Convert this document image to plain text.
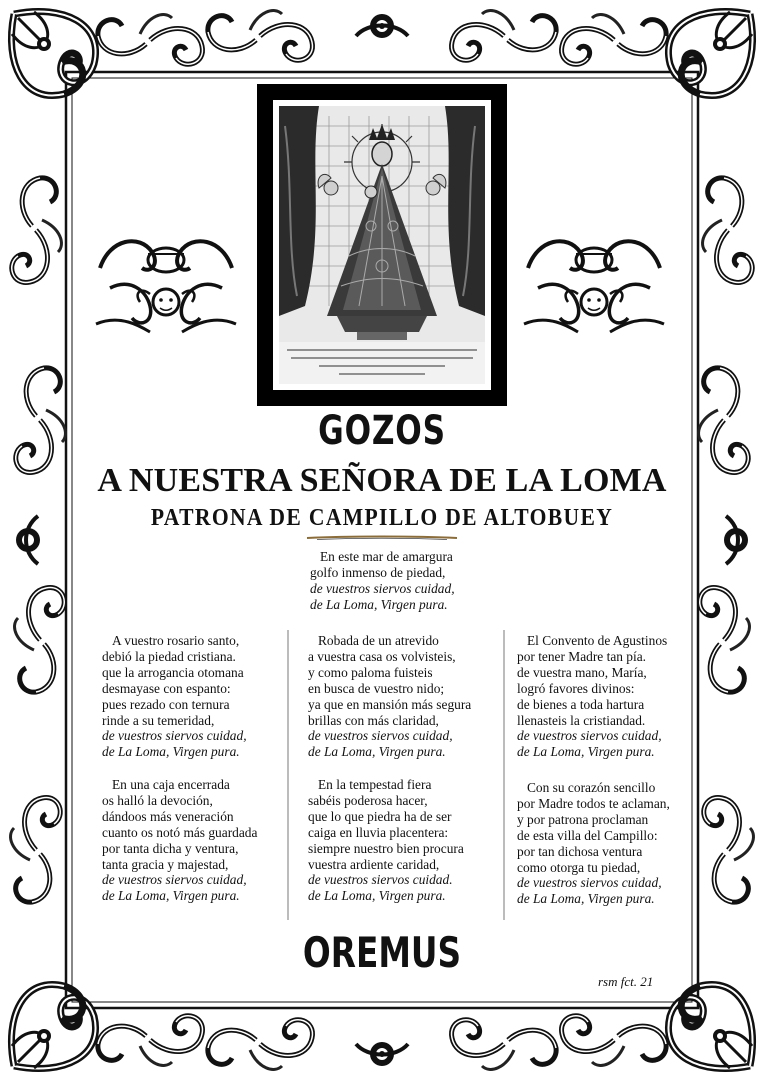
GOZOS
A NUESTRA SEÑORA DE LA LOMA
PATRONA DE CAMPILLO DE ALTOBUEY
En este mar de amargura
golfo inmenso de piedad,
de vuestros siervos cuidad,
de La Loma, Virgen pura.
A vuestro rosario santo,
debió la piedad cristiana.
que la arrogancia otomana
desmayase con espanto:
pues rezado con ternura
rinde a su temeridad,
de vuestros siervos cuidad,
de La Loma, Virgen pura.
Robada de un atrevido
a vuestra casa os volvisteis,
y como paloma fuisteis
en busca de vuestro nido;
ya que en mansión más segura
brillas con más claridad,
de vuestros siervos cuidad,
de La Loma, Virgen pura.
El Convento de Agustinos
por tener Madre tan pía.
de vuestra mano, María,
logró favores divinos:
de bienes a toda hartura
llenasteis la cristiandad.
de vuestros siervos cuidad,
de La Loma, Virgen pura.
En una caja encerrada
os halló la devoción,
dándoos más veneración
cuanto os notó más guardada
por tanta dicha y ventura,
tanta gracia y majestad,
de vuestros siervos cuidad,
de La Loma, Virgen pura.
En la tempestad fiera
sabéis poderosa hacer,
que lo que piedra ha de ser
caiga en lluvia placentera:
siempre nuestro bien procura
vuestra ardiente caridad,
de vuestros siervos cuidad.
de La Loma, Virgen pura.
Con su corazón sencillo
por Madre todos te aclaman,
y por patrona proclaman
de esta villa del Campillo:
por tan dichosa ventura
como otorga tu piedad,
de vuestros siervos cuidad,
de La Loma, Virgen pura.
OREMUS
rsm fct. 21
